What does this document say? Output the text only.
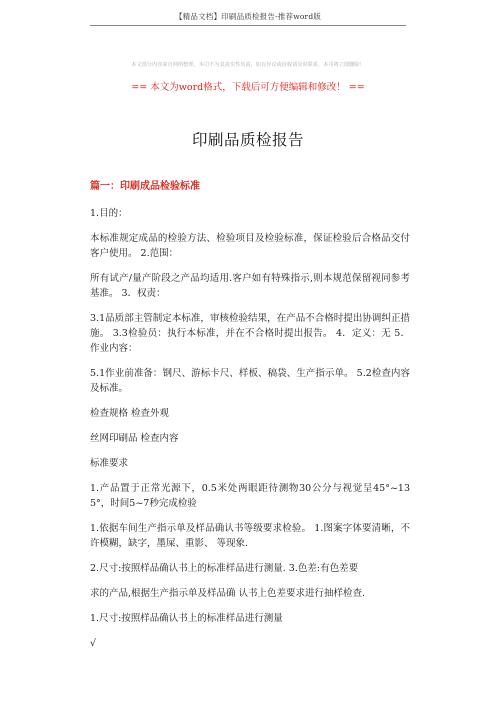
【精品文档】印刷品质检报告-推荐word版
本文部分内容来自网络整理，本司不为其真实性负责，如有异议或侵权请及时联系，本司将立即删除！
== 本文为word格式，下载后可方便编辑和修改！ ==
印刷品质检报告
篇一：印刷成品检验标准
1.目的：
本标准规定成品的检验方法、检验项目及检验标准，保证检验后合格品交付客户使用。 2.范围：
所有试产/量产阶段之产品均适用.客户如有特殊指示,则本规范保留视同参考基准。 3．权责：
3.1品质部主管制定本标准，审核检验结果，在产品不合格时提出协调纠正措施。 3.3检验员：执行本标准，并在不合格时提出报告。 4．定义：无 5．作业内容：
5.1作业前准备：钢尺、游标卡尺、样板、稿袋、生产指示单。 5.2检查内容及标准。
检查规格 检查外观
丝网印刷品 检查内容
标准要求
1.产品置于正常光源下，0.5米处两眼距待测物30公分与视觉呈45°~135°，时间5~7秒完成检验
1.依据车间生产指示单及样品确认书等级要求检验。 1.图案字体要清晰，不许模糊，缺字，墨屎、重影、 等现象.
2.尺寸:按照样品确认书上的标准样品进行测量. 3.色差:有色差要
求的产品,根据生产指示单及样品确 认书上色差要求进行抽样检查.
1.尺寸:按照样品确认书上的标准样品进行测量
√
